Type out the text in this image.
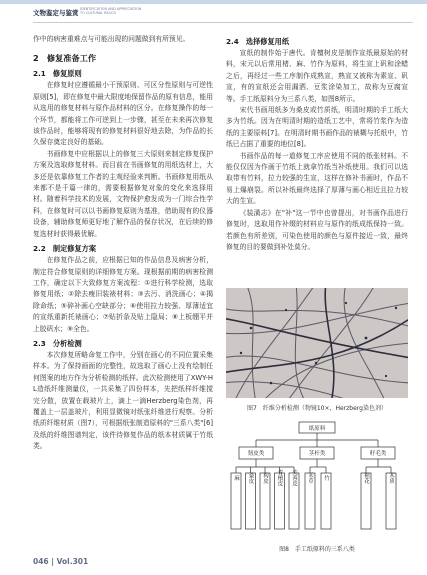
文物鉴定与鉴赏 IDENTIFICATION AND APPRECIATION
TO CULTURAL RELICS

作中的病害重难点与可能出现的问题做到有所预见。

2　修复准备工作
2.1　修复原则

在修复时应遵循最小干预原则、可区分性原则与可逆性原则[5]，即在修复中最大限度地保留作品的原有信息，能用从选用的修复材料与原作品材料的区分。在修复操作的每一个环节，都能将工作可逆到上一步骤，甚至在未来再次修复该作品时，能够将现有的修复材料很好地去除，为作品的长久保存奠定良好的基础。

书画修复中应根据以上的修复三大原则来制定修复保护方案及选取修复材料。而目前在书画修复的用纸选材上，大多还是依靠修复工作者的主观经验来判断。书画修复用纸从来都不是千篇一律的，需要根据修复对象的变化来选择用材。随着科学技术的发展，文物保护愈发成为一门综合性学科，在修复时可以以书画修复原则为基准，借助现有的仪器设备，辅助修复师更好地了解作品的保存状况，在后续的修复选材时获得最优解。

2.2　制定修复方案

在修复作品之前，应根据已知的作品信息及病害分析，制定符合修复原则的详细修复方案。现根据前期的病害检测工作，确定以下大致修复方案流程：①进行科学检测，选取修复用纸；②除去瘦旧装裱材料；③去污、消洗画心；④揭除命纸；⑤碎补画心空缺部分；⑥使用拉力较强、厚薄适宜的宣纸重新托裱画心；⑦贴折条及贴上隐局；⑧上板绷平并上胶矾水；⑨全色。

2.3　分析检测

本次修复所略命复工作中，分别在画心的不同位置采集样本。为了保持画面的完整性，故选取了画心上没有绘制任何图案的地方作为分析检测的纸样。此次检测使用了XWY-HL造纸纤维测量仪，一共采集了四份样本，先把纸样纤维搅完分散，放置在载玻片上，滴上一滴Herzberg染色剂，再覆盖上一层盖玻片，利用显微镜对纸张纤维进行观察。分析纸质纤维材质（图7），可根据纸张制造原料的"三系八类"[6]及纸的纤维图谱判定，该件待修复作品的纸本材质属于竹纸类。

2.4　选择修复用纸

宣纸的制作始于唐代。肯檀树皮是制作宣纸最原始的材料，宋元以后常用楮、麻、竹作为原料，将生宣上矾和涂蜡之后，再经过一些工序制作成熟宣，熟宣又被称为素宣、矾宣，有的宣纸还会用漏洒、豆浆涂染加工，故称为豆腐宣等。手工纸原料分为三系八类，如图8所示。

宋代书画用纸多为桑皮或竹质纸，明清时期的手工纸大多为竹纸。因为在明清时期的造纸工艺中，常将竹浆作为造纸的主要原料[7]。在明清时期书画作品的裱糊与托纸中，竹纸已占据了重要的地位[8]。

书画作品的每一道修复工序应使用不同的纸张材料。不能仅仅因为作画于竹纸上就拿竹纸当补纸使用。我们可以选取带有竹料，拉力较强的生宣，这样在修补书画时，作品不易上爆崩裂。所以补纸最终选择了厚薄与画心相近且拉力较大的生宣。

《装潢志》在"补"这一节中也曾提出，对书画作品进行修复时，选取用作补缀的材料应与原作的纸成纸保持一致。若颜色有所差别，可染色使用的颜色与原件接近一致，最终修复的目的要做到补处莫分。

图7　纤维分析检测（物镜10×，Herzberg染色剂）
纸原料
韧皮类	茎杆类	籽毛类
麻 桑皮 构皮 青檀皮 芙蓉皮 禾草 竹	棉花	木质
图8　手工纸原料的三系八类
046 | Vol.301
